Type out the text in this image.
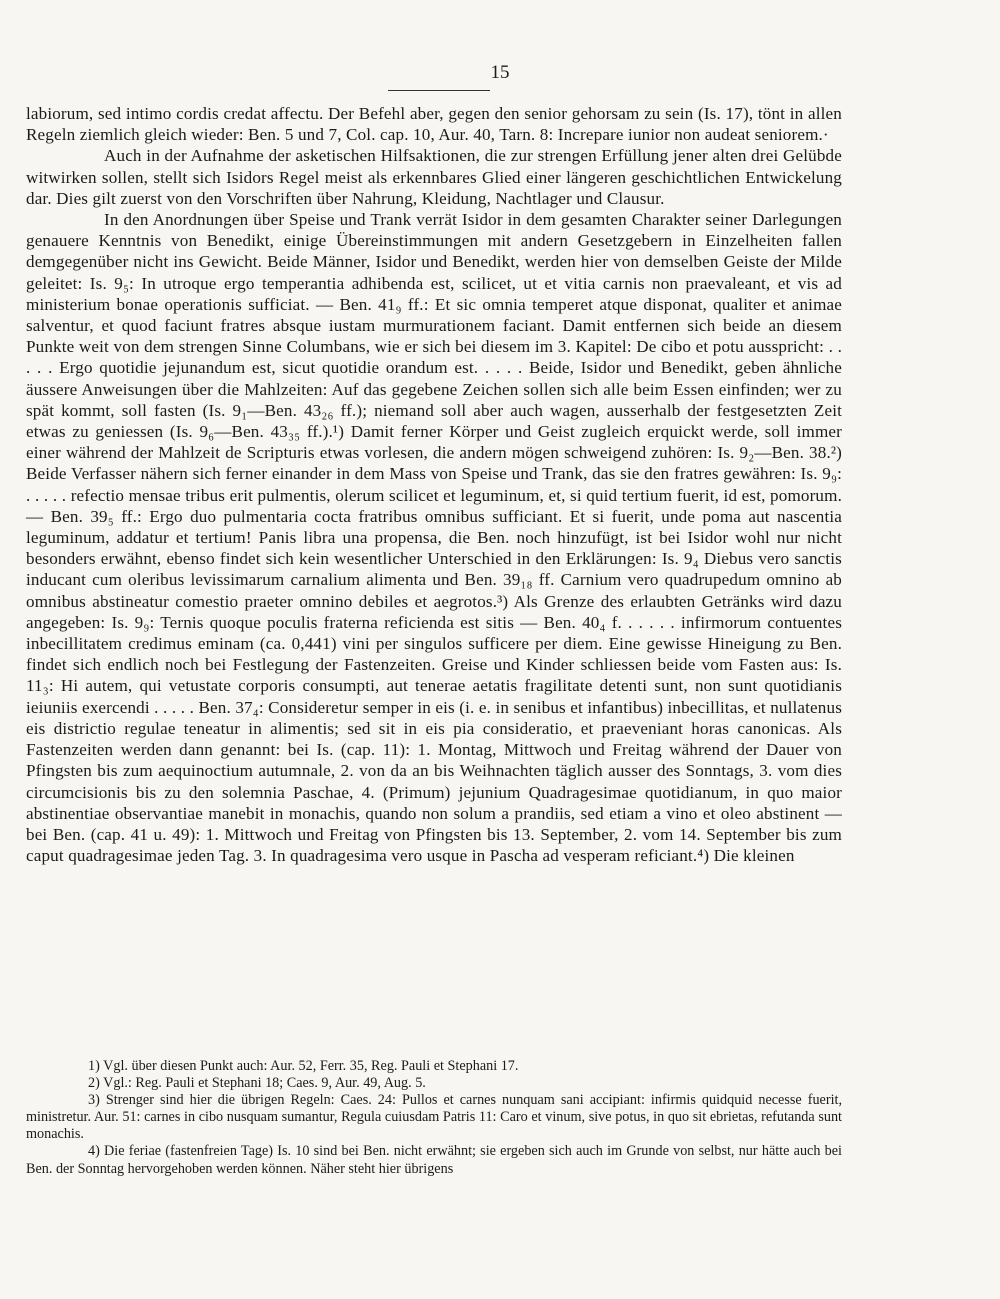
15

labiorum, sed intimo cordis credat affectu. Der Befehl aber, gegen den senior gehorsam zu sein (Is. 17), tönt in allen Regeln ziemlich gleich wieder: Ben. 5 und 7, Col. cap. 10, Aur. 40, Tarn. 8: Increpare iunior non audeat seniorem.·

Auch in der Aufnahme der asketischen Hilfsaktionen, die zur strengen Erfüllung jener alten drei Gelübde witwirken sollen, stellt sich Isidors Regel meist als erkennbares Glied einer längeren geschichtlichen Entwickelung dar. Dies gilt zuerst von den Vorschriften über Nahrung, Kleidung, Nachtlager und Clausur.

In den Anordnungen über Speise und Trank verrät Isidor in dem gesamten Charakter seiner Darlegungen genauere Kenntnis von Benedikt, einige Übereinstimmungen mit andern Gesetzgebern in Einzelheiten fallen demgegenüber nicht ins Gewicht. Beide Männer, Isidor und Benedikt, werden hier von demselben Geiste der Milde geleitet: Is. 9₅: In utroque ergo temperantia adhibenda est, scilicet, ut et vitia carnis non praevaleant, et vis ad ministerium bonae operationis sufficiat. — Ben. 41₉ ff.: Et sic omnia temperet atque disponat, qualiter et animae salventur, et quod faciunt fratres absque iustam murmurationem faciant. Damit entfernen sich beide an diesem Punkte weit von dem strengen Sinne Columbans, wie er sich bei diesem im 3. Kapitel: De cibo et potu ausspricht: . . . . . Ergo quotidie jejunandum est, sicut quotidie orandum est. . . . . Beide, Isidor und Benedikt, geben ähnliche äussere Anweisungen über die Mahlzeiten: Auf das gegebene Zeichen sollen sich alle beim Essen einfinden; wer zu spät kommt, soll fasten (Is. 9₁—Ben. 43₂₆ ff.); niemand soll aber auch wagen, ausserhalb der festgesetzten Zeit etwas zu geniessen (Is. 9₆—Ben. 43₃₅ ff.).¹) Damit ferner Körper und Geist zugleich erquickt werde, soll immer einer während der Mahlzeit de Scripturis etwas vorlesen, die andern mögen schweigend zuhören: Is. 9₂—Ben. 38.²) Beide Verfasser nähern sich ferner einander in dem Mass von Speise und Trank, das sie den fratres gewähren: Is. 9₉: . . . . . refectio mensae tribus erit pulmentis, olerum scilicet et leguminum, et, si quid tertium fuerit, id est, pomorum. — Ben. 39₅ ff.: Ergo duo pulmentaria cocta fratribus omnibus sufficiant. Et si fuerit, unde poma aut nascentia leguminum, addatur et tertium! Panis libra una propensa, die Ben. noch hinzufügt, ist bei Isidor wohl nur nicht besonders erwähnt, ebenso findet sich kein wesentlicher Unterschied in den Erklärungen: Is. 9₄ Diebus vero sanctis inducant cum oleribus levissimarum carnalium alimenta und Ben. 39₁₈ ff. Carnium vero quadrupedum omnino ab omnibus abstineatur comestio praeter omnino debiles et aegrotos.³) Als Grenze des erlaubten Getränks wird dazu angegeben: Is. 9₉: Ternis quoque poculis fraterna reficienda est sitis — Ben. 40₄ f. . . . . . infirmorum contuentes inbecillitatem credimus eminam (ca. 0,441) vini per singulos sufficere per diem. Eine gewisse Hineigung zu Ben. findet sich endlich noch bei Festlegung der Fastenzeiten. Greise und Kinder schliessen beide vom Fasten aus: Is. 11₃: Hi autem, qui vetustate corporis consumpti, aut tenerae aetatis fragilitate detenti sunt, non sunt quotidianis ieiuniis exercendi . . . . . Ben. 37₄: Consideretur semper in eis (i. e. in senibus et infantibus) inbecillitas, et nullatenus eis districtio regulae teneatur in alimentis; sed sit in eis pia consideratio, et praeveniant horas canonicas. Als Fastenzeiten werden dann genannt: bei Is. (cap. 11): 1. Montag, Mittwoch und Freitag während der Dauer von Pfingsten bis zum aequinoctium autumnale, 2. von da an bis Weihnachten täglich ausser des Sonntags, 3. vom dies circumcisionis bis zu den solemnia Paschae, 4. (Primum) jejunium Quadragesimae quotidianum, in quo maior abstinentiae observantiae manebit in monachis, quando non solum a prandiis, sed etiam a vino et oleo abstinent — bei Ben. (cap. 41 u. 49): 1. Mittwoch und Freitag von Pfingsten bis 13. September, 2. vom 14. September bis zum caput quadragesimae jeden Tag. 3. In quadragesima vero usque in Pascha ad vesperam reficiant.⁴) Die kleinen

1) Vgl. über diesen Punkt auch: Aur. 52, Ferr. 35, Reg. Pauli et Stephani 17.

2) Vgl.: Reg. Pauli et Stephani 18; Caes. 9, Aur. 49, Aug. 5.

3) Strenger sind hier die übrigen Regeln: Caes. 24: Pullos et carnes nunquam sani accipiant: infirmis quidquid necesse fuerit, ministretur. Aur. 51: carnes in cibo nusquam sumantur, Regula cuiusdam Patris 11: Caro et vinum, sive potus, in quo sit ebrietas, refutanda sunt monachis.

4) Die feriae (fastenfreien Tage) Is. 10 sind bei Ben. nicht erwähnt; sie ergeben sich auch im Grunde von selbst, nur hätte auch bei Ben. der Sonntag hervorgehoben werden können. Näher steht hier übrigens
